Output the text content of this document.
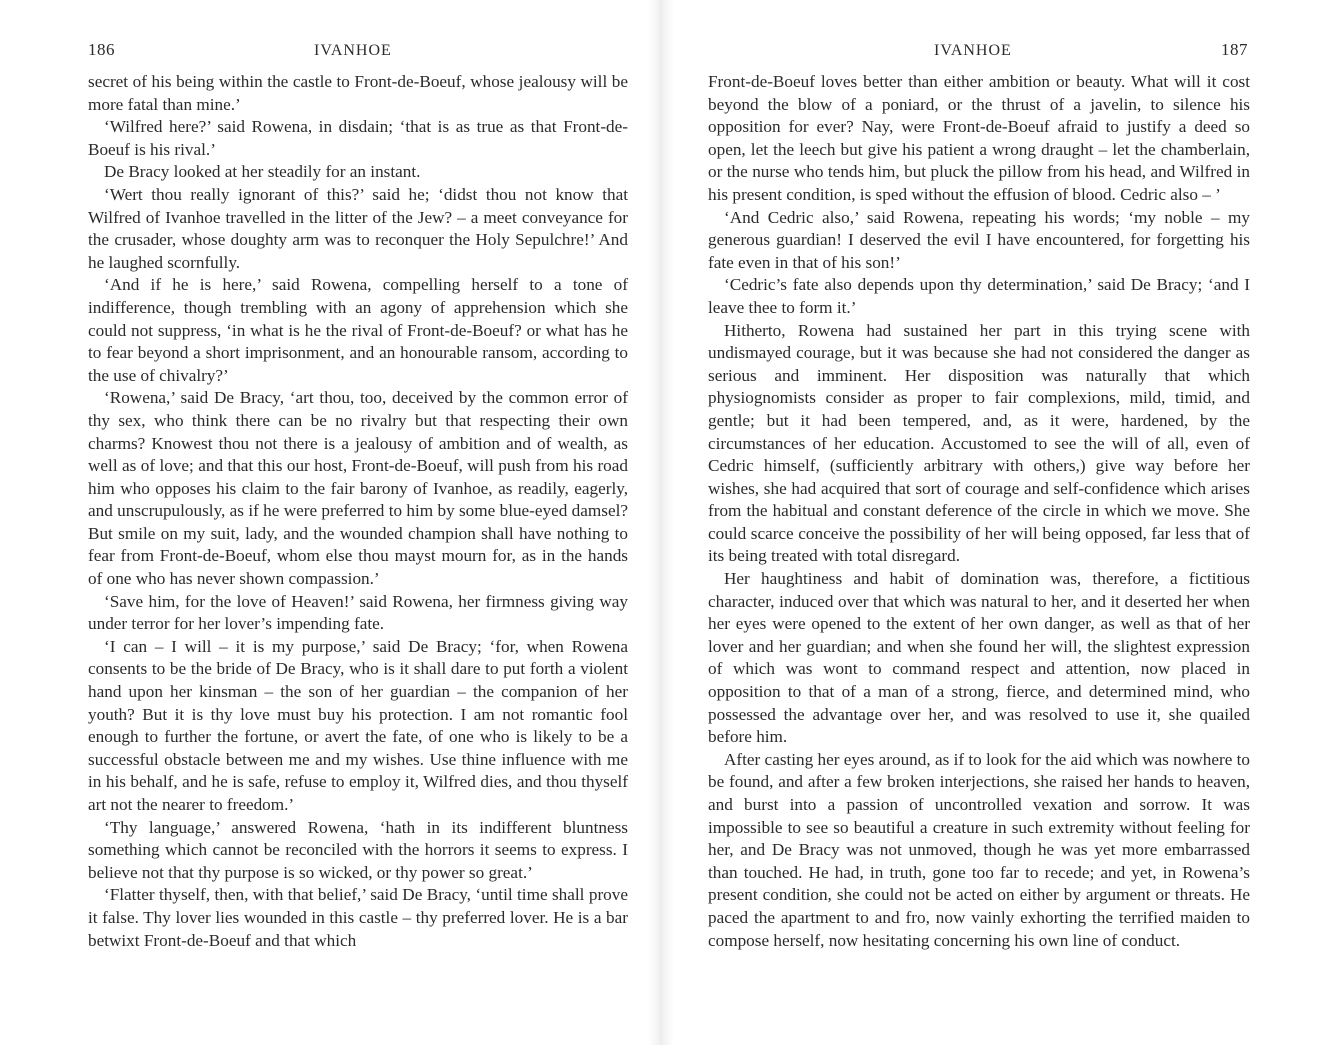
186	IVANHOE

secret of his being within the castle to Front-de-Boeuf, whose jealousy will be more fatal than mine.’

‘Wilfred here?’ said Rowena, in disdain; ‘that is as true as that Front-de-Boeuf is his rival.’

De Bracy looked at her steadily for an instant.

‘Wert thou really ignorant of this?’ said he; ‘didst thou not know that Wilfred of Ivanhoe travelled in the litter of the Jew? – a meet conveyance for the crusader, whose doughty arm was to reconquer the Holy Sepulchre!’ And he laughed scornfully.

‘And if he is here,’ said Rowena, compelling herself to a tone of indifference, though trembling with an agony of apprehension which she could not suppress, ‘in what is he the rival of Front-de-Boeuf? or what has he to fear beyond a short imprisonment, and an honourable ransom, according to the use of chivalry?’

‘Rowena,’ said De Bracy, ‘art thou, too, deceived by the common error of thy sex, who think there can be no rivalry but that respecting their own charms? Knowest thou not there is a jealousy of ambition and of wealth, as well as of love; and that this our host, Front-de-Boeuf, will push from his road him who opposes his claim to the fair barony of Ivanhoe, as readily, eagerly, and unscrupulously, as if he were preferred to him by some blue-eyed damsel? But smile on my suit, lady, and the wounded champion shall have nothing to fear from Front-de-Boeuf, whom else thou mayst mourn for, as in the hands of one who has never shown compassion.’

‘Save him, for the love of Heaven!’ said Rowena, her firmness giving way under terror for her lover’s impending fate.

‘I can – I will – it is my purpose,’ said De Bracy; ‘for, when Rowena consents to be the bride of De Bracy, who is it shall dare to put forth a violent hand upon her kinsman – the son of her guardian – the companion of her youth? But it is thy love must buy his protection. I am not romantic fool enough to further the fortune, or avert the fate, of one who is likely to be a successful obstacle between me and my wishes. Use thine influence with me in his behalf, and he is safe, refuse to employ it, Wilfred dies, and thou thyself art not the nearer to freedom.’

‘Thy language,’ answered Rowena, ‘hath in its indifferent bluntness something which cannot be reconciled with the horrors it seems to express. I believe not that thy purpose is so wicked, or thy power so great.’

‘Flatter thyself, then, with that belief,’ said De Bracy, ‘until time shall prove it false. Thy lover lies wounded in this castle – thy preferred lover. He is a bar betwixt Front-de-Boeuf and that which

IVANHOE	187

Front-de-Boeuf loves better than either ambition or beauty. What will it cost beyond the blow of a poniard, or the thrust of a javelin, to silence his opposition for ever? Nay, were Front-de-Boeuf afraid to justify a deed so open, let the leech but give his patient a wrong draught – let the chamberlain, or the nurse who tends him, but pluck the pillow from his head, and Wilfred in his present condition, is sped without the effusion of blood. Cedric also – ’

‘And Cedric also,’ said Rowena, repeating his words; ‘my noble – my generous guardian! I deserved the evil I have encountered, for forgetting his fate even in that of his son!’

‘Cedric’s fate also depends upon thy determination,’ said De Bracy; ‘and I leave thee to form it.’

Hitherto, Rowena had sustained her part in this trying scene with undismayed courage, but it was because she had not considered the danger as serious and imminent. Her disposition was naturally that which physiognomists consider as proper to fair complexions, mild, timid, and gentle; but it had been tempered, and, as it were, hardened, by the circumstances of her education. Accustomed to see the will of all, even of Cedric himself, (sufficiently arbitrary with others,) give way before her wishes, she had acquired that sort of courage and self-confidence which arises from the habitual and constant deference of the circle in which we move. She could scarce conceive the possibility of her will being opposed, far less that of its being treated with total disregard.

Her haughtiness and habit of domination was, therefore, a fictitious character, induced over that which was natural to her, and it deserted her when her eyes were opened to the extent of her own danger, as well as that of her lover and her guardian; and when she found her will, the slightest expression of which was wont to command respect and attention, now placed in opposition to that of a man of a strong, fierce, and determined mind, who possessed the advantage over her, and was resolved to use it, she quailed before him.

After casting her eyes around, as if to look for the aid which was nowhere to be found, and after a few broken interjections, she raised her hands to heaven, and burst into a passion of uncontrolled vexation and sorrow. It was impossible to see so beautiful a creature in such extremity without feeling for her, and De Bracy was not unmoved, though he was yet more embarrassed than touched. He had, in truth, gone too far to recede; and yet, in Rowena’s present condition, she could not be acted on either by argument or threats. He paced the apartment to and fro, now vainly exhorting the terrified maiden to compose herself, now hesitating concerning his own line of conduct.
